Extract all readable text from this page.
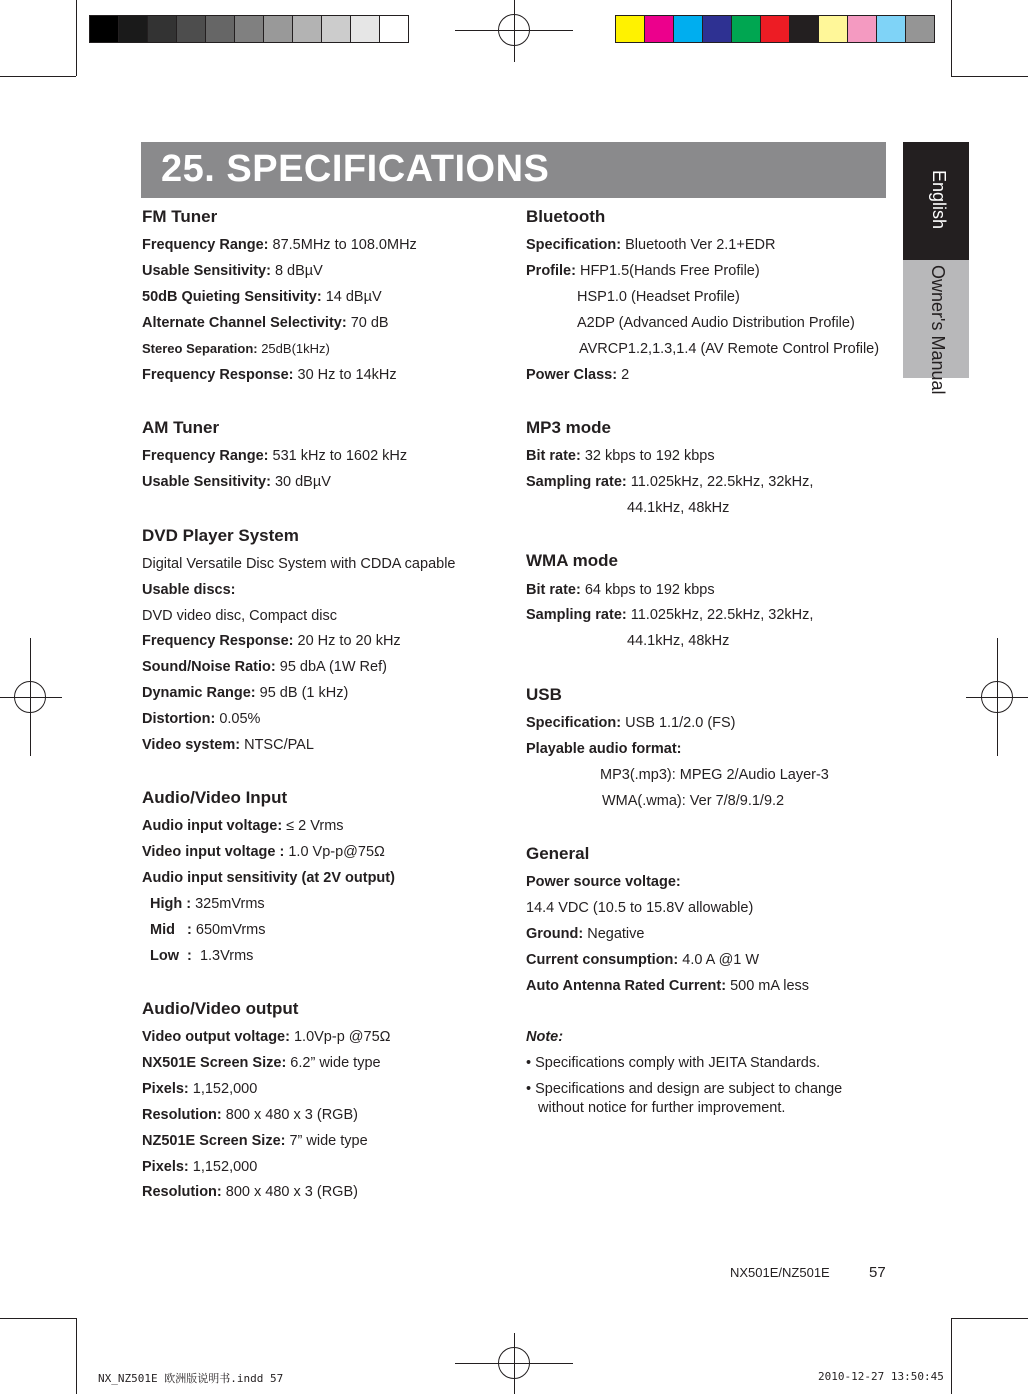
25. SPECIFICATIONS
English
Owner's Manual
FM Tuner
Frequency Range: 87.5MHz to 108.0MHz
Usable Sensitivity: 8 dBµV
50dB Quieting Sensitivity: 14 dBµV
Alternate Channel Selectivity: 70 dB
Stereo Separation: 25dB(1kHz)
Frequency Response: 30 Hz to 14kHz
AM Tuner
Frequency Range: 531 kHz to 1602 kHz
Usable Sensitivity: 30 dBµV
DVD Player System
Digital Versatile Disc System with CDDA capable
Usable discs:
DVD video disc, Compact disc
Frequency Response: 20 Hz to 20 kHz
Sound/Noise Ratio: 95 dbA (1W Ref)
Dynamic Range: 95 dB (1 kHz)
Distortion: 0.05%
Video system: NTSC/PAL
Audio/Video Input
Audio input voltage: ≤ 2 Vrms
Video input voltage : 1.0 Vp-p@75Ω
Audio input sensitivity (at 2V output)
High : 325mVrms
Mid   : 650mVrms
Low  :  1.3Vrms
Audio/Video output
Video output voltage: 1.0Vp-p @75Ω
NX501E Screen Size: 6.2” wide type
Pixels: 1,152,000
Resolution: 800 x 480 x 3 (RGB)
NZ501E Screen Size: 7” wide type
Pixels: 1,152,000
Resolution: 800 x 480 x 3 (RGB)
Bluetooth
Specification: Bluetooth Ver 2.1+EDR
Profile: HFP1.5(Hands Free Profile)
HSP1.0 (Headset Profile)
A2DP (Advanced Audio Distribution Profile)
AVRCP1.2,1.3,1.4 (AV Remote Control Profile)
Power Class: 2
MP3 mode
Bit rate: 32 kbps to 192 kbps
Sampling rate: 11.025kHz, 22.5kHz, 32kHz,
44.1kHz, 48kHz
WMA mode
Bit rate: 64 kbps to 192 kbps
Sampling rate: 11.025kHz, 22.5kHz, 32kHz,
44.1kHz, 48kHz
USB
Specification: USB 1.1/2.0 (FS)
Playable audio format:
MP3(.mp3): MPEG 2/Audio Layer-3
WMA(.wma): Ver 7/8/9.1/9.2
General
Power source voltage:
14.4 VDC (10.5 to 15.8V allowable)
Ground: Negative
Current consumption: 4.0 A @1 W
Auto Antenna Rated Current: 500 mA less
Note:
• Specifications comply with JEITA Standards.
• Specifications and design are subject to change
without notice for further improvement.
NX501E/NZ501E	57
NX_NZ501E 欧洲版说明书.indd 57	2010-12-27 13:50:45
